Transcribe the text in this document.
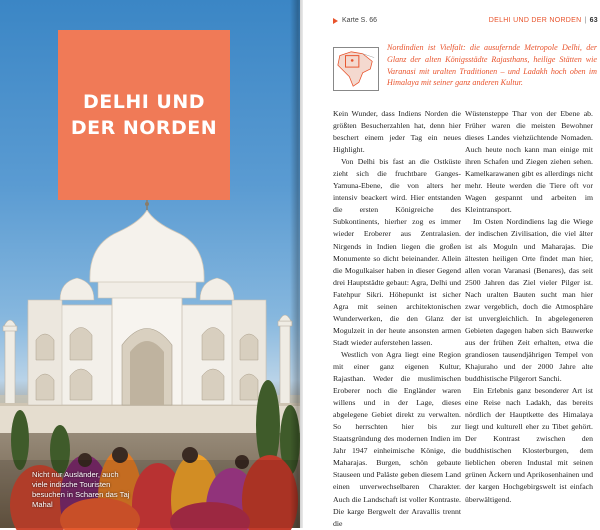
DELHI UND DER NORDEN
Nicht nur Ausländer, auch viele indische Touristen besuchen in Scharen das Taj Mahal
Karte S. 66	DELHI UND DER NORDEN | 63
Nordindien ist Vielfalt: die ausufernde Metropole Delhi, der Glanz der alten Königsstädte Rajasthans, heilige Stätten wie Varanasi mit uralten Traditionen – und Ladakh hoch oben im Himalaya mit seiner ganz anderen Kultur.

Kein Wunder, dass Indiens Norden die größten Besucherzahlen hat, denn hier beschert einem jeder Tag ein neues Highlight.

Von Delhi bis fast an die Ostküste zieht sich die fruchtbare Ganges-Yamuna-Ebene, die von alters her intensiv beackert wird. Hier entstanden die ersten Königreiche des Subkontinents, hierher zog es immer wieder Eroberer aus Zentralasien. Nirgends in Indien liegen die großen Monumente so dicht beieinander. Allein die Mogulkaiser haben in dieser Gegend drei Hauptstädte gebaut: Agra, Delhi und Fatehpur Sikri. Höhepunkt ist sicher Agra mit seinen architektonischen Wunderwerken, die den Glanz der Mogulzeit in der heute ansonsten armen Stadt wieder auferstehen lassen.

Westlich von Agra liegt eine Region mit einer ganz eigenen Kultur, Rajasthan. Weder die muslimischen Eroberer noch die Engländer waren willens und in der Lage, dieses abgelegene Gebiet direkt zu verwalten. So herrschten hier bis zur Staatsgründung des modernen Indien im Jahr 1947 einheimische Könige, die Maharajas. Burgen, schön gebaute Stauseen und Paläste geben diesem Land einen unverwechselbaren Charakter. Auch die Landschaft ist voller Kontraste. Die karge Bergwelt der Aravallis trennt die

Wüstensteppe Thar von der Ebene ab. Früher waren die meisten Bewohner dieses Landes viehzüchtende Nomaden. Auch heute noch kann man einige mit ihren Schafen und Ziegen ziehen sehen. Kamelkarawanen gibt es allerdings nicht mehr. Heute werden die Tiere oft vor Wagen gespannt und arbeiten im Kleintransport.

Im Osten Nordindiens lag die Wiege der indischen Zivilisation, die viel älter ist als Moguln und Maharajas. Die ältesten heiligen Orte findet man hier, allen voran Varanasi (Benares), das seit 2500 Jahren das Ziel vieler Pilger ist. Nach uralten Bauten sucht man hier zwar vergeblich, doch die Atmosphäre ist unvergleichlich. In abgelegeneren Gebieten dagegen haben sich Bauwerke aus der frühen Zeit erhalten, etwa die grandiosen tausendjährigen Tempel von Khajuraho und der 2000 Jahre alte buddhistische Pilgerort Sanchi.

Ein Erlebnis ganz besonderer Art ist eine Reise nach Ladakh, das bereits nördlich der Hauptkette des Himalaya liegt und kulturell eher zu Tibet gehört. Der Kontrast zwischen den buddhistischen Klosterburgen, dem lieblichen oberen Industal mit seinen grünen Äckern und Aprikosenhainen und der kargen Hochgebirgswelt ist einfach überwältigend.
